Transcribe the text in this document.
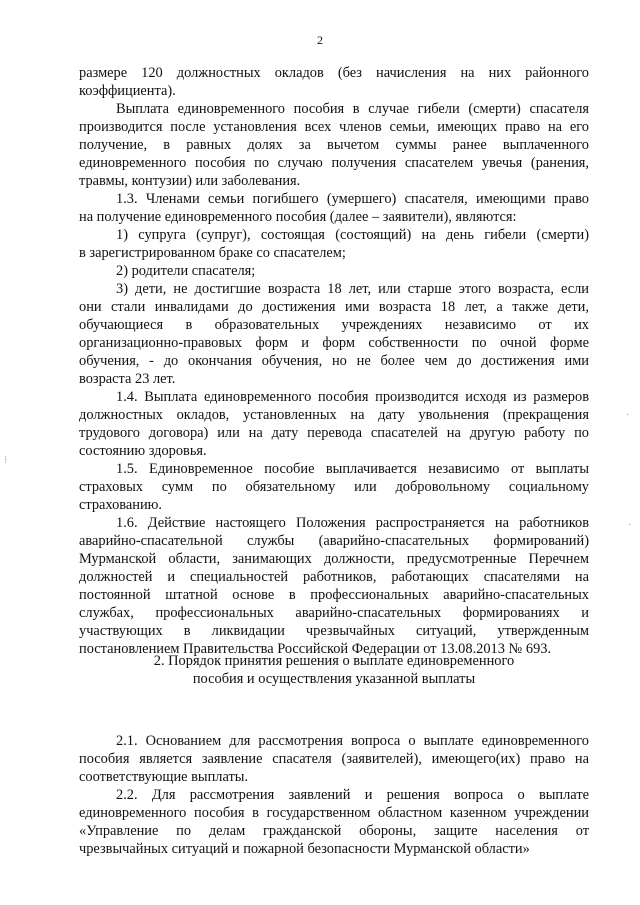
2
размере 120 должностных окладов (без начисления на них районного
коэффициента).
Выплата единовременного пособия в случае гибели (смерти) спасателя
производится после установления всех членов семьи, имеющих право на его
получение, в равных долях за вычетом суммы ранее выплаченного
единовременного пособия по случаю получения спасателем увечья (ранения,
травмы, контузии) или заболевания.
1.3. Членами семьи погибшего (умершего) спасателя, имеющими право
на получение единовременного пособия (далее – заявители), являются:
1) супруга (супруг), состоящая (состоящий) на день гибели (смерти)
в зарегистрированном браке со спасателем;
2) родители спасателя;
3) дети, не достигшие возраста 18 лет, или старше этого возраста, если
они стали инвалидами до достижения ими возраста 18 лет, а также дети,
обучающиеся в образовательных учреждениях независимо от их
организационно-правовых форм и форм собственности по очной форме
обучения, - до окончания обучения, но не более чем до достижения ими
возраста 23 лет.
1.4. Выплата единовременного пособия производится исходя из размеров
должностных окладов, установленных на дату увольнения (прекращения
трудового договора) или на дату перевода спасателей на другую работу по
состоянию здоровья.
1.5. Единовременное пособие выплачивается независимо от выплаты
страховых сумм по обязательному или добровольному социальному
страхованию.
1.6. Действие настоящего Положения распространяется на работников
аварийно-спасательной службы (аварийно-спасательных формирований)
Мурманской области, занимающих должности, предусмотренные Перечнем
должностей и специальностей работников, работающих спасателями на
постоянной штатной основе в профессиональных аварийно-спасательных
службах, профессиональных аварийно-спасательных формированиях и
участвующих в ликвидации чрезвычайных ситуаций, утвержденным
постановлением Правительства Российской Федерации от 13.08.2013 № 693.
2.1. Основанием для рассмотрения вопроса о выплате единовременного
пособия является заявление спасателя (заявителей), имеющего(их) право на
соответствующие выплаты.
2.2. Для рассмотрения заявлений и решения вопроса о выплате
единовременного пособия в государственном областном казенном учреждении
«Управление по делам гражданской обороны, защите населения от
чрезвычайных ситуаций и пожарной безопасности Мурманской области»
2. Порядок принятия решения о выплате единовременного
пособия и осуществления указанной выплаты
·
⁝
·
